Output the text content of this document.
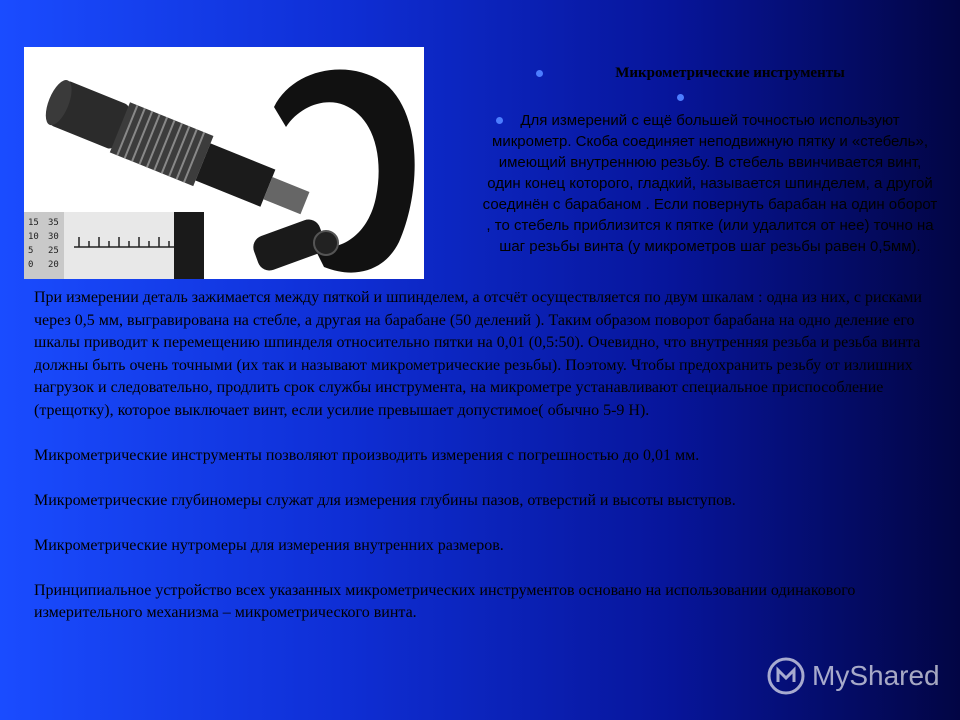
15
10
5
0
35
30
25
20
Микрометрические инструменты
Для измерений с ещё большей точностью используют микрометр. Скоба соединяет неподвижную пятку и «стебель», имеющий внутреннюю резьбу. В стебель ввинчивается винт, один конец которого, гладкий, называется шпинделем, а другой соединён с барабаном . Если повернуть барабан на один оборот , то стебель приблизится к пятке (или удалится от нее) точно на шаг резьбы винта (у микрометров шаг резьбы равен 0,5мм).

При измерении деталь зажимается между пяткой и шпинделем, а отсчёт осуществляется по двум шкалам : одна из них, с рисками через 0,5 мм, выгравирована на стебле, а другая на барабане (50 делений ). Таким образом поворот барабана на одно деление его шкалы приводит к перемещению шпинделя относительно пятки на 0,01 (0,5:50). Очевидно, что внутренняя резьба и резьба винта должны быть очень точными (их так и называют микрометрические резьбы). Поэтому. Чтобы предохранить резьбу от излишних нагрузок и следовательно, продлить срок службы инструмента, на микрометре устанавливают специальное приспособление (трещотку), которое выключает винт, если усилие превышает допустимое( обычно 5-9 Н).

Микрометрические инструменты позволяют производить измерения с погрешностью до 0,01 мм.

Микрометрические глубиномеры служат для измерения глубины пазов, отверстий и высоты выступов.

Микрометрические нутромеры для измерения внутренних размеров.

Принципиальное устройство всех указанных микрометрических инструментов основано на использовании одинакового измерительного механизма – микрометрического винта.

MyShared
